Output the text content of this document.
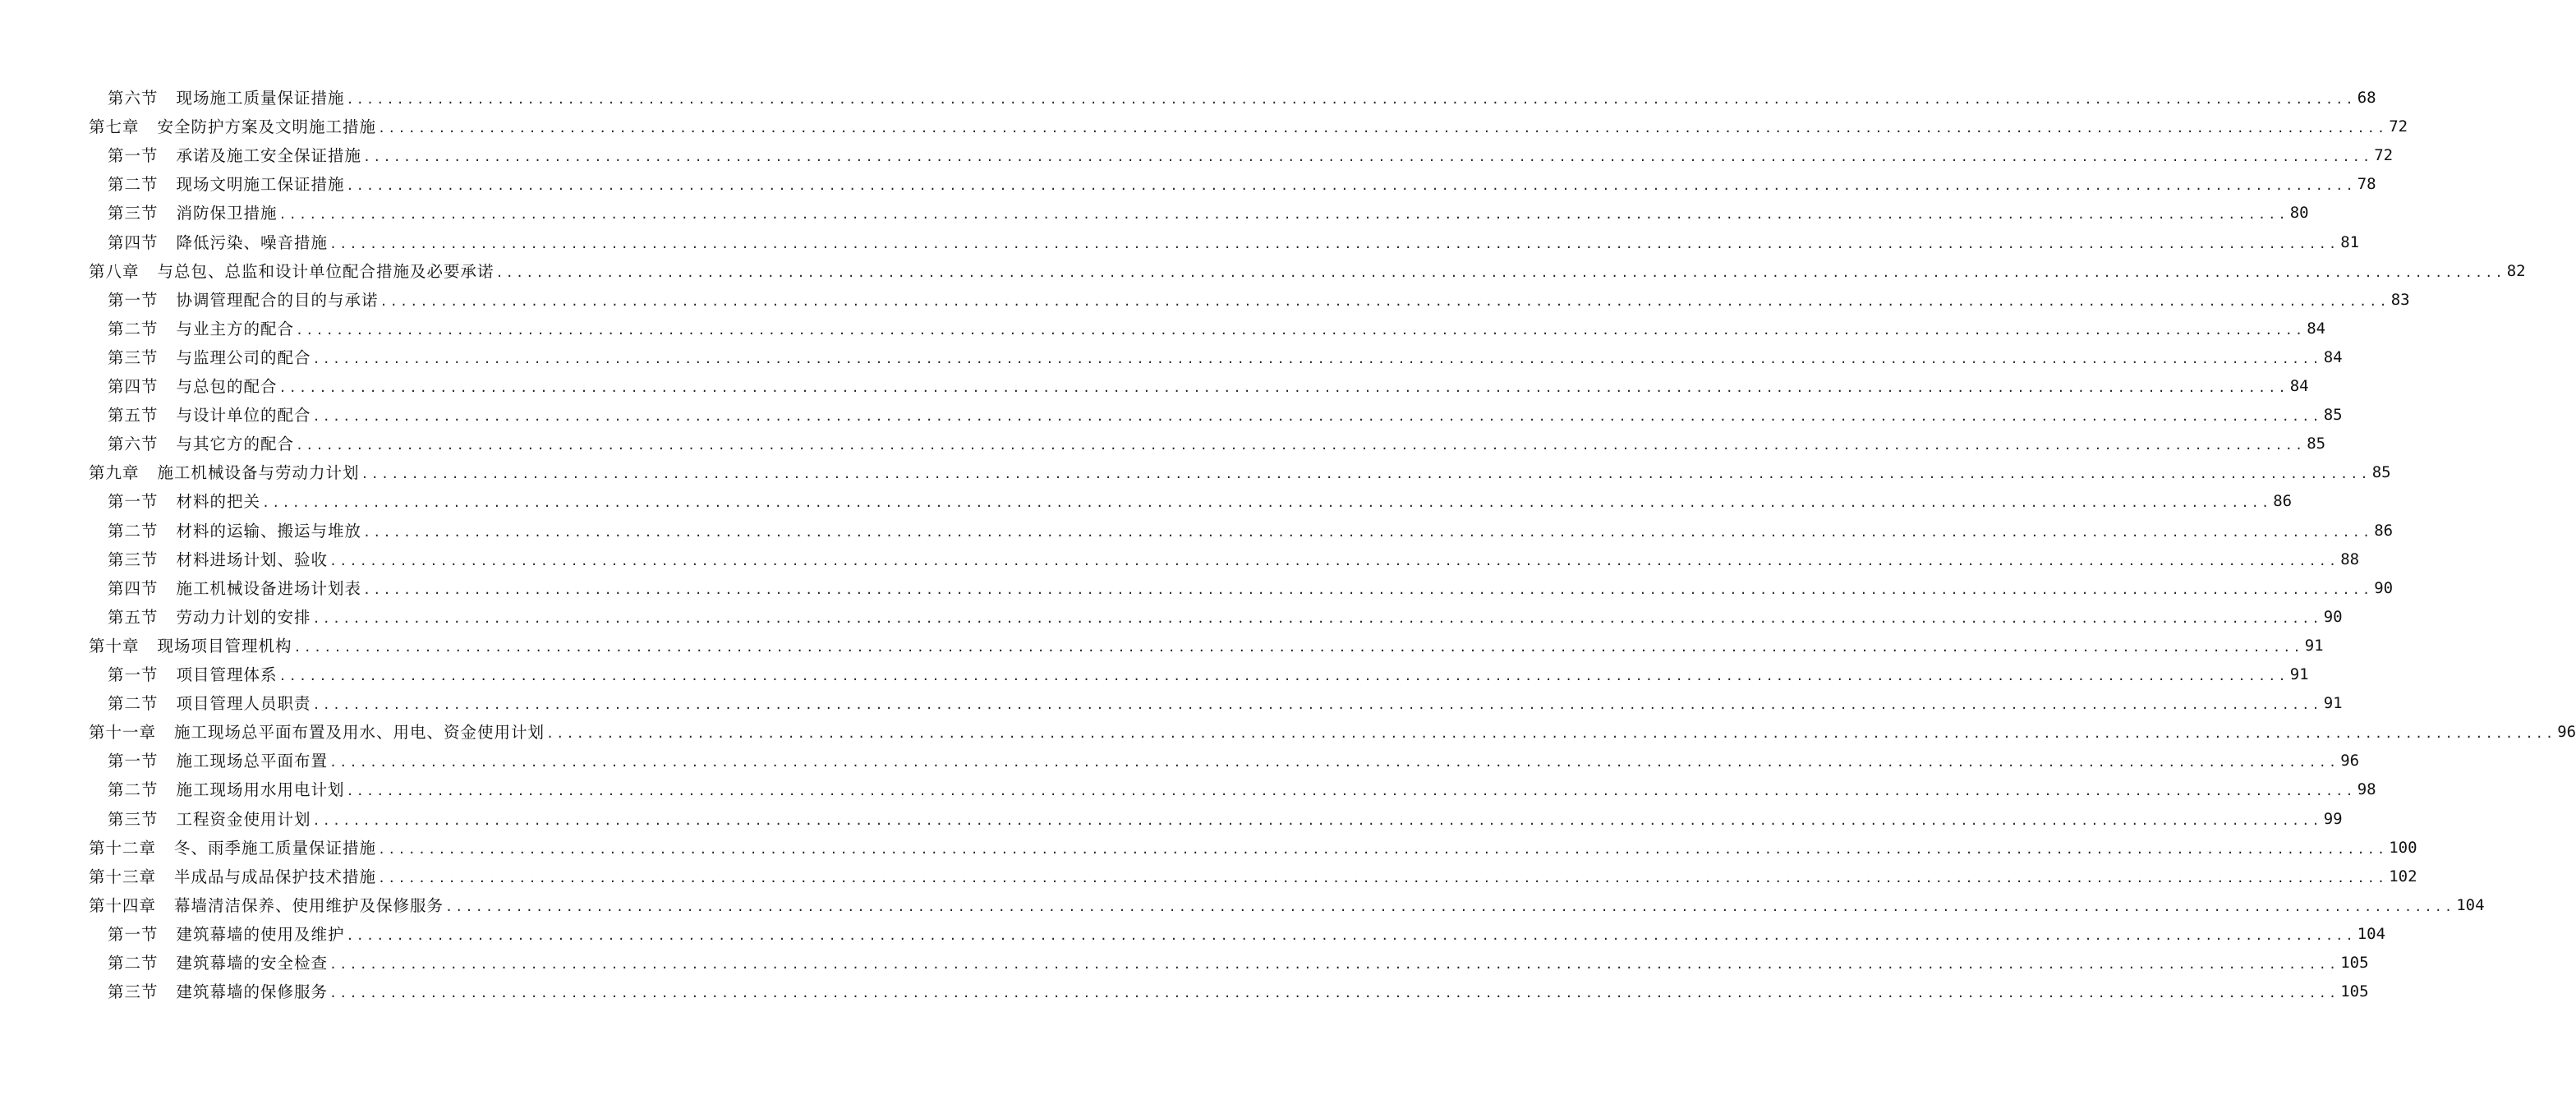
第六节 现场施工质量保证措施 ........................................................................................................................................................................................................ 68
第七章 安全防护方案及文明施工措施 ........................................................................................................................................................................................................ 72
第一节 承诺及施工安全保证措施 ........................................................................................................................................................................................................ 72
第二节 现场文明施工保证措施 ........................................................................................................................................................................................................ 78
第三节 消防保卫措施 ........................................................................................................................................................................................................ 80
第四节 降低污染、噪音措施 ........................................................................................................................................................................................................ 81
第八章 与总包、总监和设计单位配合措施及必要承诺 ........................................................................................................................................................................................................ 82
第一节 协调管理配合的目的与承诺 ........................................................................................................................................................................................................ 83
第二节 与业主方的配合 ........................................................................................................................................................................................................ 84
第三节 与监理公司的配合 ........................................................................................................................................................................................................ 84
第四节 与总包的配合 ........................................................................................................................................................................................................ 84
第五节 与设计单位的配合 ........................................................................................................................................................................................................ 85
第六节 与其它方的配合 ........................................................................................................................................................................................................ 85
第九章 施工机械设备与劳动力计划 ........................................................................................................................................................................................................ 85
第一节 材料的把关 ........................................................................................................................................................................................................ 86
第二节 材料的运输、搬运与堆放 ........................................................................................................................................................................................................ 86
第三节 材料进场计划、验收 ........................................................................................................................................................................................................ 88
第四节 施工机械设备进场计划表 ........................................................................................................................................................................................................ 90
第五节 劳动力计划的安排 ........................................................................................................................................................................................................ 90
第十章 现场项目管理机构 ........................................................................................................................................................................................................ 91
第一节 项目管理体系 ........................................................................................................................................................................................................ 91
第二节 项目管理人员职责 ........................................................................................................................................................................................................ 91
第十一章 施工现场总平面布置及用水、用电、资金使用计划 ........................................................................................................................................................................................................ 96
第一节 施工现场总平面布置 ........................................................................................................................................................................................................ 96
第二节 施工现场用水用电计划 ........................................................................................................................................................................................................ 98
第三节 工程资金使用计划 ........................................................................................................................................................................................................ 99
第十二章 冬、雨季施工质量保证措施 ........................................................................................................................................................................................................ 100
第十三章 半成品与成品保护技术措施 ........................................................................................................................................................................................................ 102
第十四章 幕墙清洁保养、使用维护及保修服务 ........................................................................................................................................................................................................ 104
第一节 建筑幕墙的使用及维护 ........................................................................................................................................................................................................ 104
第二节 建筑幕墙的安全检查 ........................................................................................................................................................................................................ 105
第三节 建筑幕墙的保修服务 ........................................................................................................................................................................................................ 105
